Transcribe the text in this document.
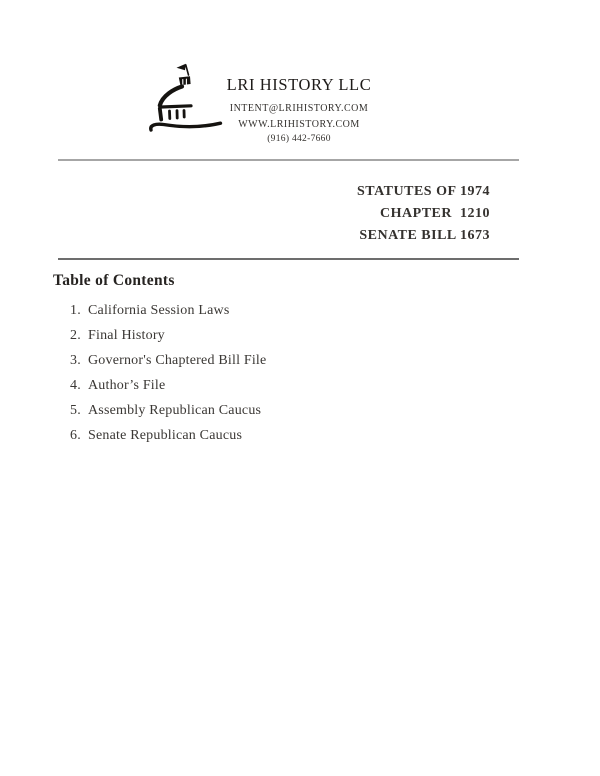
LRI HISTORY LLC
INTENT@LRIHISTORY.COM
WWW.LRIHISTORY.COM
(916) 442-7660
STATUTES OF 1974
CHAPTER  1210
SENATE BILL 1673
Table of Contents
1. California Session Laws
2. Final History
3. Governor's Chaptered Bill File
4. Author’s File
5. Assembly Republican Caucus
6. Senate Republican Caucus
